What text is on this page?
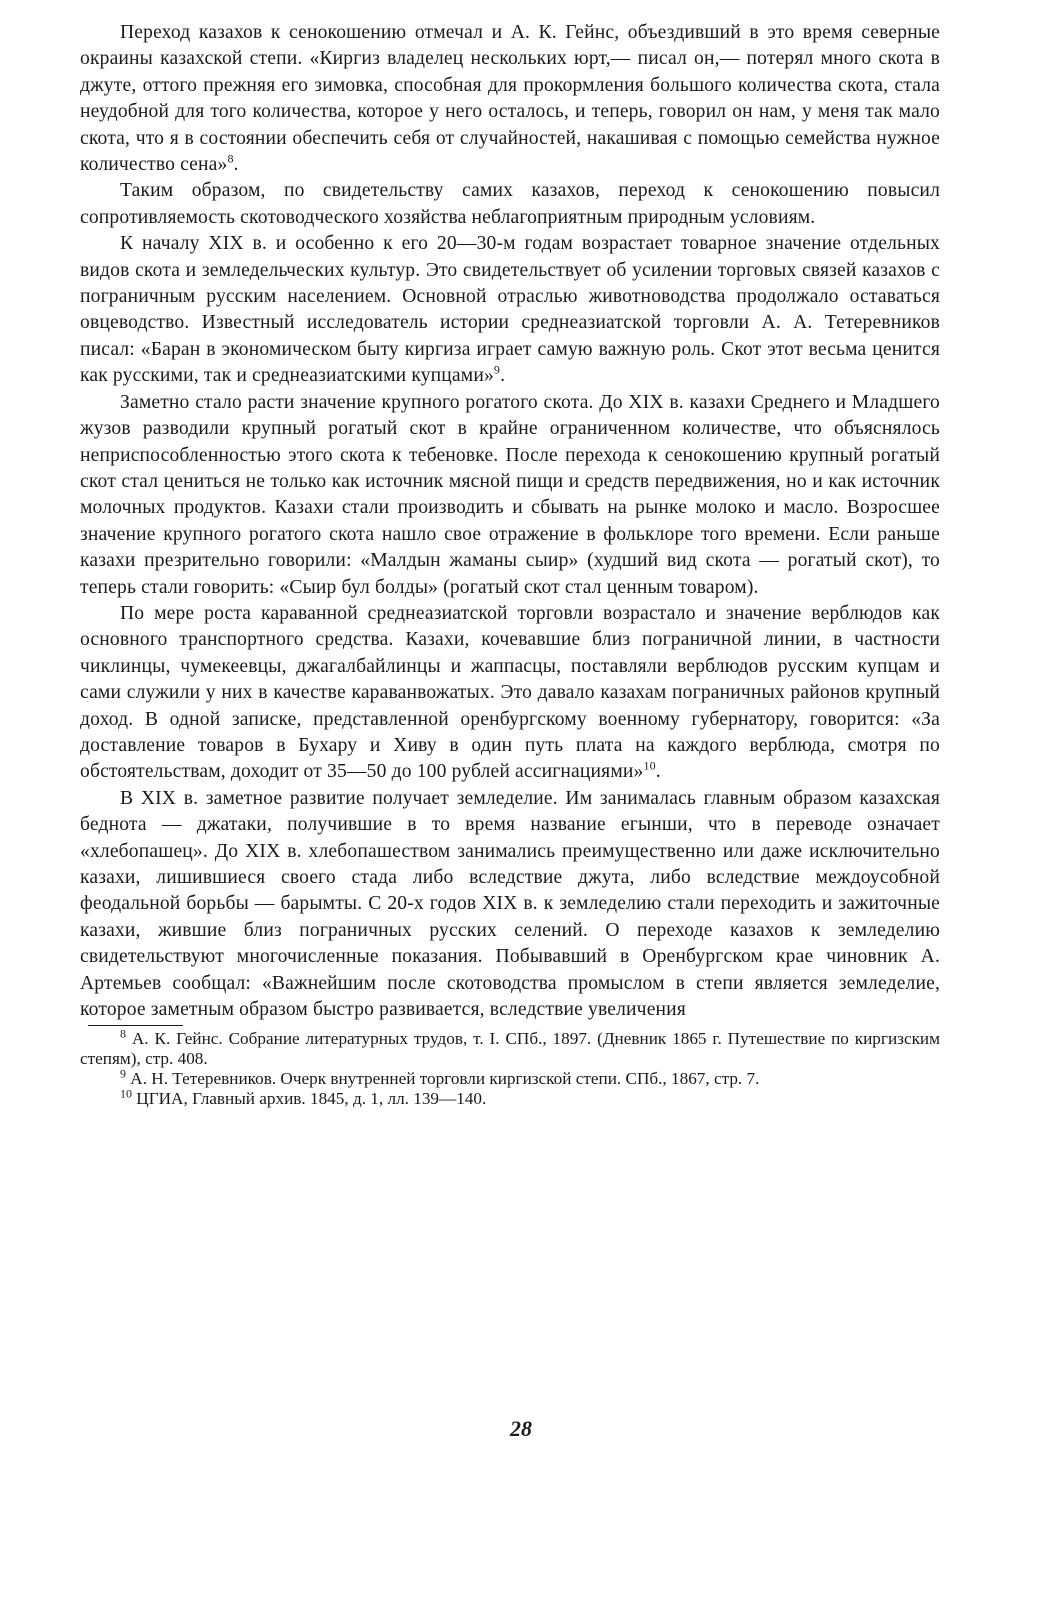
Переход казахов к сенокошению отмечал и А. К. Гейнс, объездивший в это время северные окраины казахской степи. «Киргиз владелец нескольких юрт,— писал он,— потерял много скота в джуте, оттого прежняя его зимовка, способная для прокормления большого количества скота, стала неудобной для того количества, которое у него осталось, и теперь, говорил он нам, у меня так мало скота, что я в состоянии обеспечить себя от случайностей, накашивая с помощью семейства нужное количество сена»$^8$.

Таким образом, по свидетельству самих казахов, переход к сенокошению повысил сопротивляемость скотоводческого хозяйства неблагоприятным природным условиям.

К началу XIX в. и особенно к его 20—30-м годам возрастает товарное значение отдельных видов скота и земледельческих культур. Это свидетельствует об усилении торговых связей казахов с пограничным русским населением. Основной отраслью животноводства продолжало оставаться овцеводство. Известный исследователь истории среднеазиатской торговли А. А. Тетеревников писал: «Баран в экономическом быту киргиза играет самую важную роль. Скот этот весьма ценится как русскими, так и среднеазиатскими купцами»$^9$.

Заметно стало расти значение крупного рогатого скота. До XIX в. казахи Среднего и Младшего жузов разводили крупный рогатый скот в крайне ограниченном количестве, что объяснялось неприспособленностью этого скота к тебеновке. После перехода к сенокошению крупный рогатый скот стал цениться не только как источник мясной пищи и средств передвижения, но и как источник молочных продуктов. Казахи стали производить и сбывать на рынке молоко и масло. Возросшее значение крупного рогатого скота нашло свое отражение в фольклоре того времени. Если раньше казахи презрительно говорили: «Малдын жаманы сыир» (худший вид скота — рогатый скот), то теперь стали говорить: «Сыир бул болды» (рогатый скот стал ценным товаром).

По мере роста караванной среднеазиатской торговли возрастало и значение верблюдов как основного транспортного средства. Казахи, кочевавшие близ пограничной линии, в частности чиклинцы, чумекеевцы, джагалбайлинцы и жаппасцы, поставляли верблюдов русским купцам и сами служили у них в качестве караванвожатых. Это давало казахам пограничных районов крупный доход. В одной записке, представленной оренбургскому военному губернатору, говорится: «За доставление товаров в Бухару и Хиву в один путь плата на каждого верблюда, смотря по обстоятельствам, доходит от 35—50 до 100 рублей ассигнациями»$^{10}$.

В XIX в. заметное развитие получает земледелие. Им занималась главным образом казахская беднота — джатаки, получившие в то время название егынши, что в переводе означает «хлебопашец». До XIX в. хлебопашеством занимались преимущественно или даже исключительно казахи, лишившиеся своего стада либо вследствие джута, либо вследствие междоусобной феодальной борьбы — барымты. С 20-х годов XIX в. к земледелию стали переходить и зажиточные казахи, жившие близ пограничных русских селений. О переходе казахов к земледелию свидетельствуют многочисленные показания. Побывавший в Оренбургском крае чиновник А. Артемьев сообщал: «Важнейшим после скотоводства промыслом в степи является земледелие, которое заметным образом быстро развивается, вследствие увеличения

$^8$ А. К. Гейнс. Собрание литературных трудов, т. I. СПб., 1897. (Дневник 1865 г. Путешествие по киргизским степям), стр. 408.

$^9$ А. Н. Тетеревников. Очерк внутренней торговли киргизской степи. СПб., 1867, стр. 7.

$^{10}$ ЦГИА, Главный архив. 1845, д. 1, лл. 139—140.

28
